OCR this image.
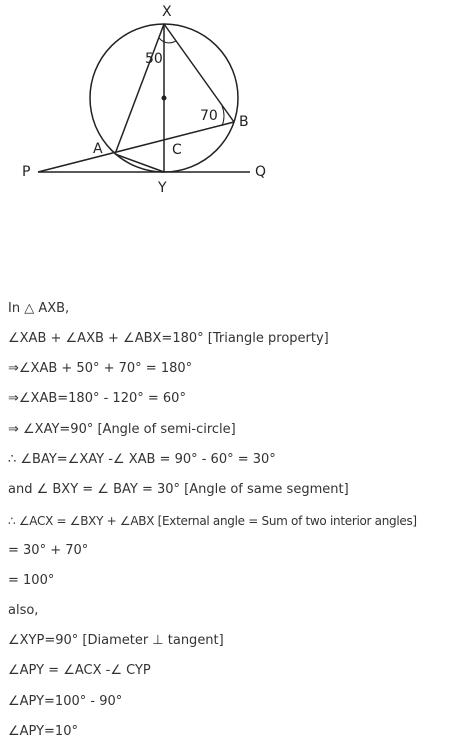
X
A
B
C
Y
P	Q
50
70
In △ AXB,
∠XAB + ∠AXB + ∠ABX=180° [Triangle property]
⇒∠XAB + 50° + 70° = 180°
⇒∠XAB=180° - 120° = 60°
⇒ ∠XAY=90° [Angle of semi-circle]
∴ ∠BAY=∠XAY -∠ XAB = 90° - 60° = 30°
and ∠ BXY = ∠ BAY = 30° [Angle of same segment]
∴ ∠ACX = ∠BXY + ∠ABX [External angle = Sum of two interior angles]
= 30° + 70°
= 100°
also,
∠XYP=90° [Diameter ⊥ tangent]
∠APY = ∠ACX -∠ CYP
∠APY=100° - 90°
∠APY=10°
